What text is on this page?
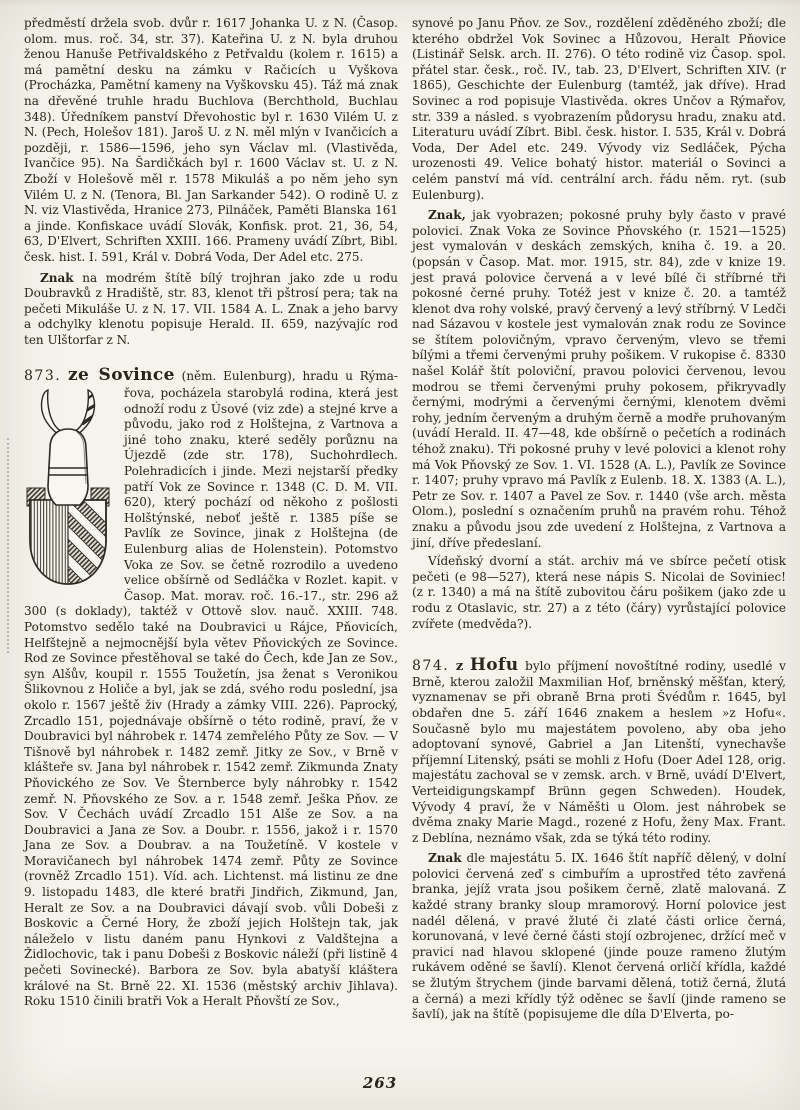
předměstí držela svob. dvůr r. 1617 Johanka U. z N. (Časop. olom. mus. roč. 34, str. 37). Kateřina U. z N. byla druhou ženou Hanuše Petřivaldského z Petřvaldu (kolem r. 1615) a má pamětní desku na zámku v Račicích u Vyškova (Procházka, Pamětní kameny na Vyškovsku 45). Táž má znak na dřevěné truhle hradu Buchlova (Berchthold, Buchlau 348). Úředníkem panství Dřevohostic byl r. 1630 Vilém U. z N. (Pech, Holešov 181). Jaroš U. z N. měl mlýn v Ivančicích a později, r. 1586—1596, jeho syn Václav ml. (Vlastivěda, Ivančice 95). Na Šardičkách byl r. 1600 Václav st. U. z N. Zboží v Holešově měl r. 1578 Mikuláš a po něm jeho syn Vilém U. z N. (Tenora, Bl. Jan Sarkander 542). O rodině U. z N. viz Vlastivěda, Hranice 273, Pilnáček, Paměti Blanska 161 a jinde. Konfiskace uvádí Slovák, Konfisk. prot. 21, 36, 54, 63, D'Elvert, Schriften XXIII. 166. Prameny uvádí Zíbrt, Bibl. česk. hist. I. 591, Král v. Dobrá Voda, Der Adel etc. 275.

Znak na modrém štítě bílý trojhran jako zde u rodu Doubravků z Hradiště, str. 83, klenot tři pštrosí pera; tak na pečeti Mikuláše U. z N. 17. VII. 1584 A. L. Znak a jeho barvy a odchylky klenotu popisuje Herald. II. 659, nazývajíc rod ten Ulštorfar z N.

873. ze Sovince (něm. Eulenburg), hradu u Rýma-

řova, pocházela starobylá rodina, která jest odnoží rodu z Úsové (viz zde) a stejné krve a původu, jako rod z Holštejna, z Vartnova a jiné toho znaku, které seděly porůznu na Újezdě (zde str. 178), Suchohrdlech. Polehradicích i jinde. Mezi nejstarší předky patří Vok ze Sovince r. 1348 (C. D. M. VII. 620), který pochází od někoho z pošlosti Holštýnské, neboť ještě r. 1385 píše se Pavlík ze Sovince, jinak z Holštejna (de Eulenburg alias de Holenstein). Potomstvo Voka ze Sov. se četně rozrodilo a uvedeno velice obšírně od Sedláčka v Rozlet. kapit. v Časop. Mat. morav. roč. 16.-17., str. 296 až 300 (s doklady), taktéž v Ottově slov. nauč. XXIII. 748. Potomstvo sedělo také na Doubravici u Rájce, Pňovicích, Helfštejně a nejmocnější byla větev Pňovických ze Sovince. Rod ze Sovince přestěhoval se také do Čech, kde Jan ze Sov., syn Alšův, koupil r. 1555 Toužetín, jsa ženat s Veronikou Šlikovnou z Holiče a byl, jak se zdá, svého rodu poslední, jsa okolo r. 1567 ještě živ (Hrady a zámky VIII. 226). Paprocký, Zrcadlo 151, pojednávaje obšírně o této rodině, praví, že v Doubravici byl náhrobek r. 1474 zemřelého Půty ze Sov. — V Tišnově byl náhrobek r. 1482 zemř. Jitky ze Sov., v Brně v klášteře sv. Jana byl náhrobek r. 1542 zemř. Zikmunda Znaty Pňovického ze Sov. Ve Šternberce byly náhrobky r. 1542 zemř. N. Pňovského ze Sov. a r. 1548 zemř. Ješka Pňov. ze Sov. V Čechách uvádí Zrcadlo 151 Alše ze Sov. a na Doubravici a Jana ze Sov. a Doubr. r. 1556, jakož i r. 1570 Jana ze Sov. a Doubrav. a na Toužetíně. V kostele v Moravičanech byl náhrobek 1474 zemř. Půty ze Sovince (rovněž Zrcadlo 151). Víd. ach. Lichtenst. má listinu ze dne 9. listopadu 1483, dle které bratři Jindřich, Zikmund, Jan, Heralt ze Sov. a na Doubravici dávají svob. vůli Dobeši z Boskovic a Černé Hory, že zboží jejich Holštejn tak, jak náleželo v listu daném panu Hynkovi z Valdštejna a Židlochovic, tak i panu Dobeši z Boskovic náleží (při listině 4 pečeti Sovinecké). Barbora ze Sov. byla abatyší kláštera králové na St. Brně 22. XI. 1536 (městský archiv Jihlava). Roku 1510 činili bratři Vok a Heralt Pňovští ze Sov.,

synové po Janu Pňov. ze Sov., rozdělení zděděného zboží; dle kterého obdržel Vok Sovinec a Hůzovou, Heralt Pňovice (Listinář Selsk. arch. II. 276). O této rodině viz Časop. spol. přátel star. česk., roč. IV., tab. 23, D'Elvert, Schriften XIV. (r 1865), Geschichte der Eulenburg (tamtéž, jak dříve). Hrad Sovinec a rod popisuje Vlastivěda. okres Unčov a Rýmařov, str. 339 a násled. s vyobrazením půdorysu hradu, znaku atd. Literaturu uvádí Zíbrt. Bibl. česk. histor. I. 535, Král v. Dobrá Voda, Der Adel etc. 249. Vývody viz Sedláček, Pýcha urozenosti 49. Velice bohatý histor. materiál o Sovinci a celém panství má víd. centrální arch. řádu něm. ryt. (sub Eulenburg).

Znak, jak vyobrazen; pokosné pruhy byly často v pravé polovici. Znak Voka ze Sovince Pňovského (r. 1521—1525) jest vymalován v deskách zemských, kniha č. 19. a 20. (popsán v Časop. Mat. mor. 1915, str. 84), zde v knize 19. jest pravá polovice červená a v levé bílé či stříbrné tři pokosné černé pruhy. Totéž jest v knize č. 20. a tamtéž klenot dva rohy volské, pravý červený a levý stříbrný. V Ledči nad Sázavou v kostele jest vymalován znak rodu ze Sovince se štítem polovičným, vpravo červeným, vlevo se třemi bílými a třemi červenými pruhy pošikem. V rukopise č. 8330 našel Kolář štít poloviční, pravou polovici červenou, levou modrou se třemi červenými pruhy pokosem, přikryvadly černými, modrými a červenými černými, klenotem dvěmi rohy, jedním červeným a druhým černě a modře pruhovaným (uvádí Herald. II. 47—48, kde obšírně o pečetích a rodinách téhož znaku). Tři pokosné pruhy v levé polovici a klenot rohy má Vok Pňovský ze Sov. 1. VI. 1528 (A. L.), Pavlík ze Sovince r. 1407; pruhy vpravo má Pavlík z Eulenb. 18. X. 1383 (A. L.), Petr ze Sov. r. 1407 a Pavel ze Sov. r. 1440 (vše arch. města Olom.), poslední s označením pruhů na pravém rohu. Téhož znaku a původu jsou zde uvedení z Holštejna, z Vartnova a jiní, dříve předeslaní.

Vídeňský dvorní a stát. archiv má ve sbírce pečetí otisk pečeti (e 98—527), která nese nápis S. Nicolai de Soviniec! (z r. 1340) a má na štítě zubovitou čáru pošikem (jako zde u rodu z Otaslavic, str. 27) a z této (čáry) vyrůstající polovice zvířete (medvěda?).

874. z Hofu bylo příjmení novoštítné rodiny, usedlé v Brně, kterou založil Maxmilian Hof, brněnský měšťan, který, vyznamenav se při obraně Brna proti Švédům r. 1645, byl obdařen dne 5. září 1646 znakem a heslem »z Hofu«. Současně bylo mu majestátem povoleno, aby oba jeho adoptovaní synové, Gabriel a Jan Litenští, vynechavše příjemní Litenský, psáti se mohli z Hofu (Doer Adel 128, orig. majestátu zachoval se v zemsk. arch. v Brně, uvádí D'Elvert, Verteidigungskampf Brünn gegen Schweden). Houdek, Vývody 4 praví, že v Náměšti u Olom. jest náhrobek se dvěma znaky Marie Magd., rozené z Hofu, ženy Max. Frant. z Deblína, neznámo však, zda se týká této rodiny.

Znak dle majestátu 5. IX. 1646 štít napříč dělený, v dolní polovici červená zeď s cimbuřím a uprostřed této zavřená branka, jejíž vrata jsou pošikem černě, zlatě malovaná. Z každé strany branky sloup mramorový. Horní polovice jest nadél dělená, v pravé žluté či zlaté části orlice černá, korunovaná, v levé černé části stojí ozbrojenec, držící meč v pravici nad hlavou sklopené (jinde pouze rameno žlutým rukávem oděné se šavlí). Klenot červená orličí křídla, každé se žlutým štrychem (jinde barvami dělená, totiž černá, žlutá a černá) a mezi křídly týž oděnec se šavlí (jinde rameno se šavlí), jak na štítě (popisujeme dle díla D'Elverta, po-

263
